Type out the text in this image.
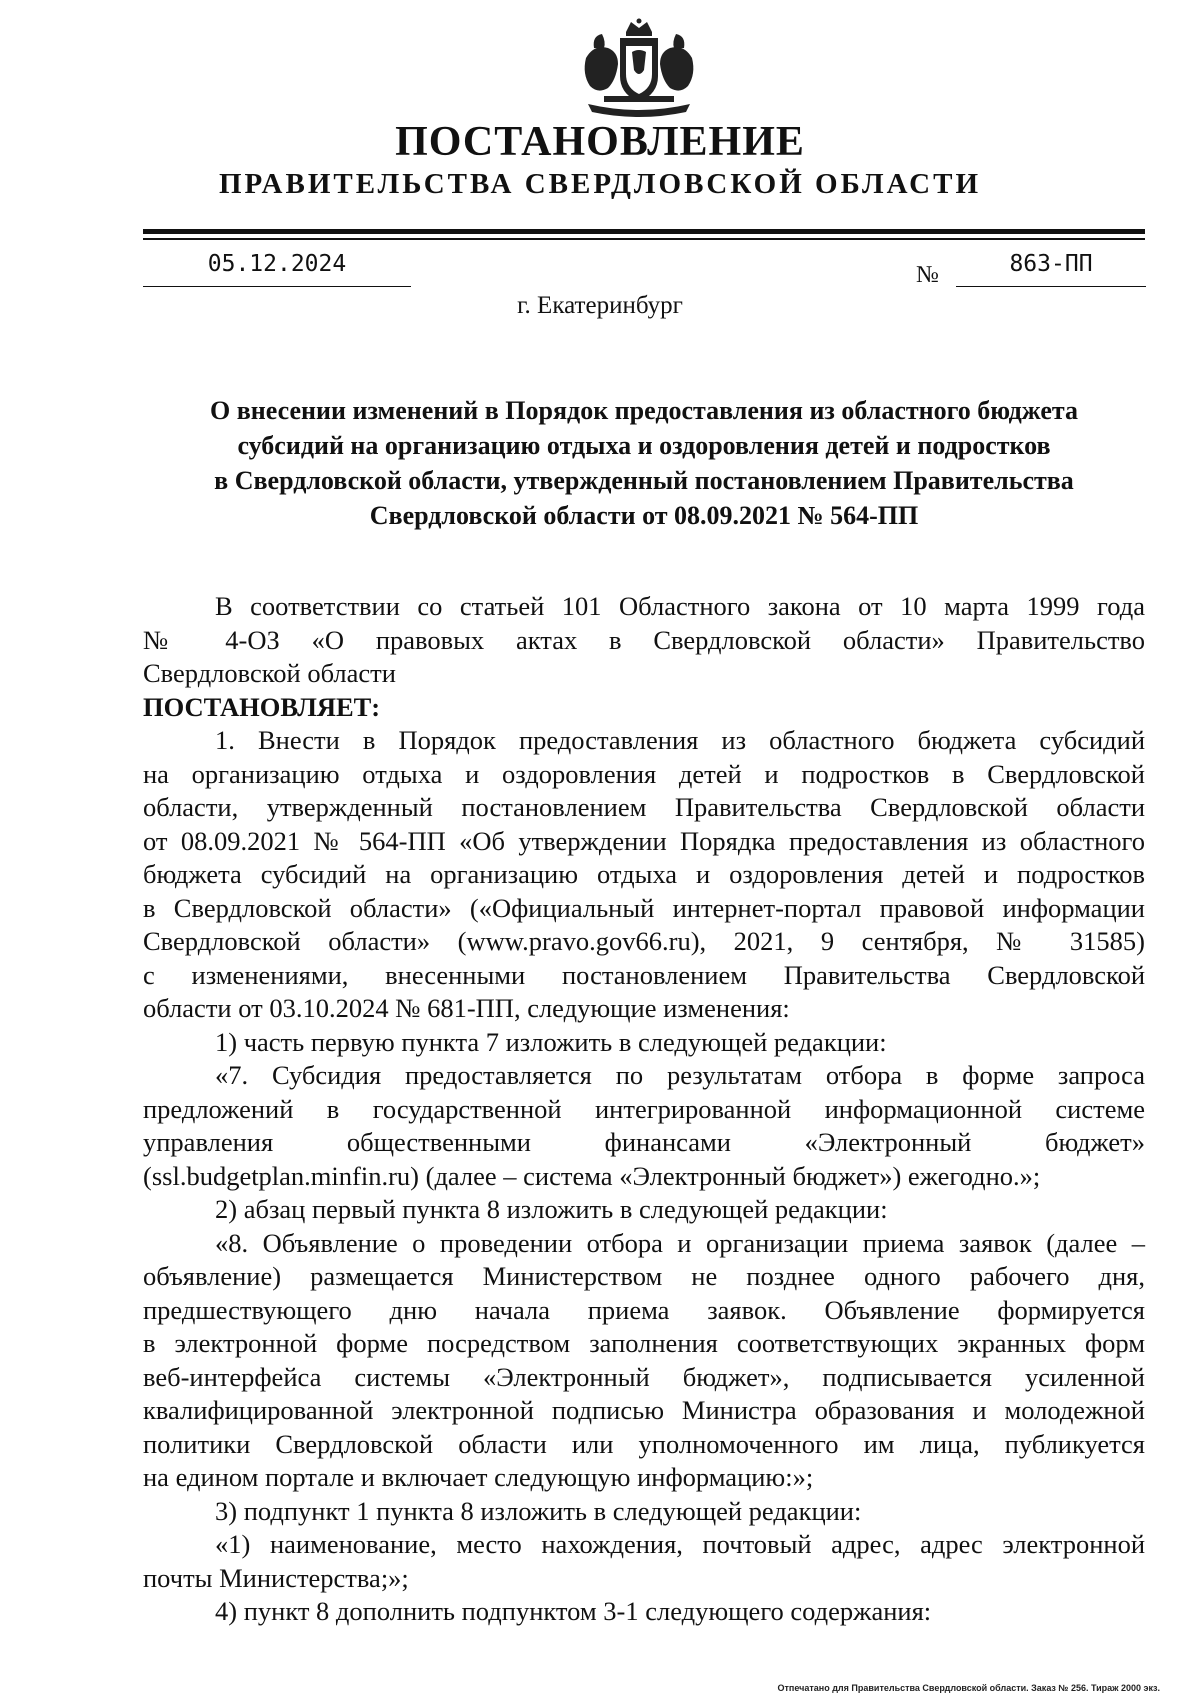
ПОСТАНОВЛЕНИЕ
ПРАВИТЕЛЬСТВА СВЕРДЛОВСКОЙ ОБЛАСТИ
05.12.2024	№	863-ПП
г. Екатеринбург
О внесении изменений в Порядок предоставления из областного бюджета
субсидий на организацию отдыха и оздоровления детей и подростков
в Свердловской области, утвержденный постановлением Правительства
Свердловской области от 08.09.2021 № 564-ПП
В соответствии со статьей 101 Областного закона от 10 марта 1999 года
№ 4-ОЗ «О правовых актах в Свердловской области» Правительство
Свердловской области
ПОСТАНОВЛЯЕТ:
1. Внести в Порядок предоставления из областного бюджета субсидий
на организацию отдыха и оздоровления детей и подростков в Свердловской
области, утвержденный постановлением Правительства Свердловской области
от 08.09.2021 № 564-ПП «Об утверждении Порядка предоставления из областного
бюджета субсидий на организацию отдыха и оздоровления детей и подростков
в Свердловской области» («Официальный интернет-портал правовой информации
Свердловской области» (www.pravo.gov66.ru), 2021, 9 сентября, № 31585)
с изменениями, внесенными постановлением Правительства Свердловской
области от 03.10.2024 № 681-ПП, следующие изменения:
1) часть первую пункта 7 изложить в следующей редакции:
«7. Субсидия предоставляется по результатам отбора в форме запроса
предложений в государственной интегрированной информационной системе
управления общественными финансами «Электронный бюджет»
(ssl.budgetplan.minfin.ru) (далее – система «Электронный бюджет») ежегодно.»;
2) абзац первый пункта 8 изложить в следующей редакции:
«8. Объявление о проведении отбора и организации приема заявок (далее –
объявление) размещается Министерством не позднее одного рабочего дня,
предшествующего дню начала приема заявок. Объявление формируется
в электронной форме посредством заполнения соответствующих экранных форм
веб-интерфейса системы «Электронный бюджет», подписывается усиленной
квалифицированной электронной подписью Министра образования и молодежной
политики Свердловской области или уполномоченного им лица, публикуется
на едином портале и включает следующую информацию:»;
3) подпункт 1 пункта 8 изложить в следующей редакции:
«1) наименование, место нахождения, почтовый адрес, адрес электронной
почты Министерства;»;
4) пункт 8 дополнить подпунктом 3-1 следующего содержания:
Отпечатано для Правительства Свердловской области. Заказ № 256. Тираж 2000 экз.
